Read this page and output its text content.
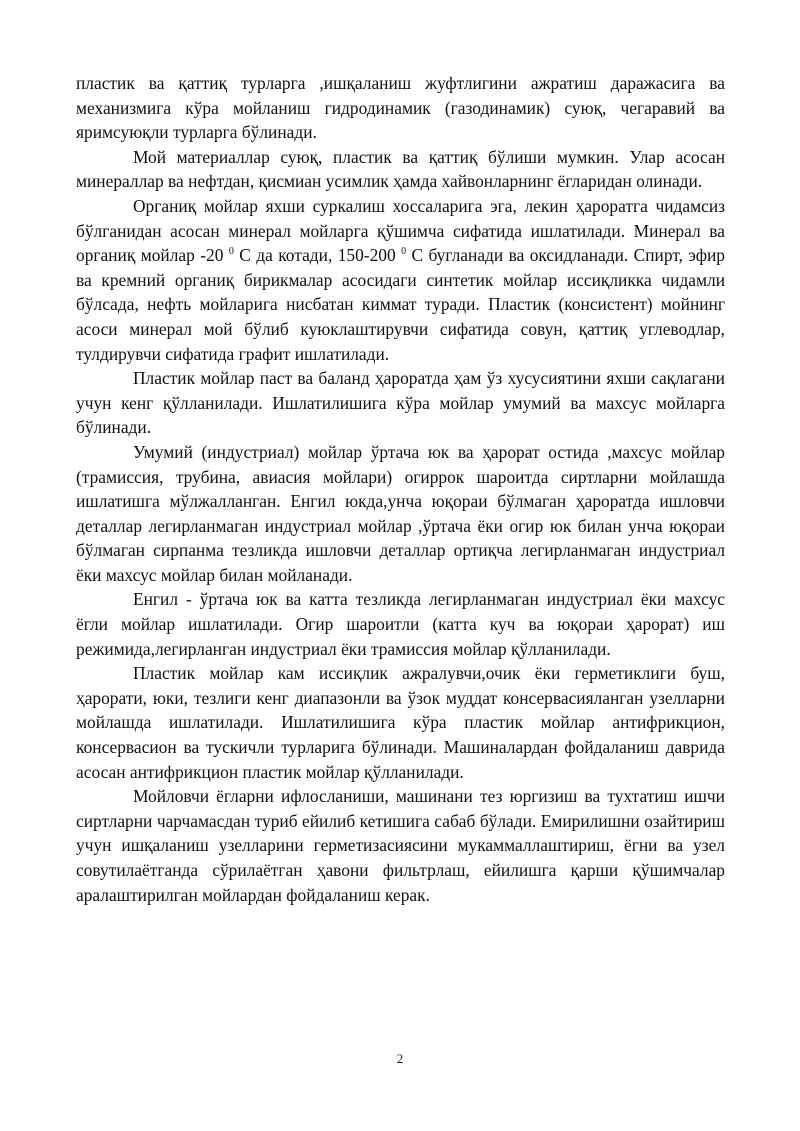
пластик ва қаттиқ турларга ,ишқаланиш жуфтлигини ажратиш даражасига ва механизмига кўра мойланиш гидродинамик (газодинамик) суюқ, чегаравий ва яримсуюқли турларга бўлинади.

Мой материаллар суюқ, пластик ва қаттиқ бўлиши мумкин. Улар асосан минераллар ва нефтдан, қисмиан усимлик ҳамда хайвонларнинг ёгларидан олинади.

Органиқ мойлар яхши суркалиш хоссаларига эга, лекин ҳароратга чидамсиз бўлганидан асосан минерал мойларга қўшимча сифатида ишлатилади. Минерал ва органиқ мойлар -20 $^0$ С да котади, 150-200 $^0$ С бугланади ва оксидланади. Спирт, эфир ва кремний органиқ бирикмалар асосидаги синтетик мойлар иссиқликка чидамли бўлсада, нефть мойларига нисбатан киммат туради. Пластик (консистент) мойнинг асоси минерал мой бўлиб куюклаштирувчи сифатида совун, қаттиқ углеводлар, тулдирувчи сифатида графит ишлатилади.

Пластик мойлар паст ва баланд ҳароратда ҳам ўз хусусиятини яхши сақлагани учун кенг қўлланилади. Ишлатилишига кўра мойлар умумий ва махсус мойларга бўлинади.

Умумий (индустриал) мойлар ўртача юк ва ҳарорат остида ,махсус мойлар (трамиссия, трубина, авиасия мойлари) огиррок шароитда сиртларни мойлашда ишлатишга мўлжалланган. Енгил юкда,унча юқораи бўлмаган ҳароратда ишловчи деталлар легирланмаган индустриал мойлар ,ўртача ёки огир юк билан унча юқораи бўлмаган сирпанма тезликда ишловчи деталлар ортиқча легирланмаган индустриал ёки махсус мойлар билан мойланади.

Енгил - ўртача юк ва катта тезликда легирланмаган индустриал ёки махсус ёгли мойлар ишлатилади. Огир шароитли (катта куч ва юқораи ҳарорат) иш режимида,легирланган индустриал ёки трамиссия мойлар қўлланилади.

Пластик мойлар кам иссиқлик ажралувчи,очик ёки герметиклиги буш, ҳарорати, юки, тезлиги кенг диапазонли ва ўзок муддат консервасияланган узелларни мойлашда ишлатилади. Ишлатилишига кўра пластик мойлар антифрикцион, консервасион ва тускичли турларига бўлинади. Машиналардан фойдаланиш даврида асосан антифрикцион пластик мойлар қўлланилади.

Мойловчи ёгларни ифлосланиши, машинани тез юргизиш ва тухтатиш ишчи сиртларни чарчамасдан туриб ейилиб кетишига сабаб бўлади. Емирилишни озайтириш учун ишқаланиш узелларини герметизасиясини мукаммаллаштириш, ёгни ва узел совутилаётганда сўрилаётган ҳавони фильтрлаш, ейилишга қарши қўшимчалар аралаштирилган мойлардан фойдаланиш керак.

2
